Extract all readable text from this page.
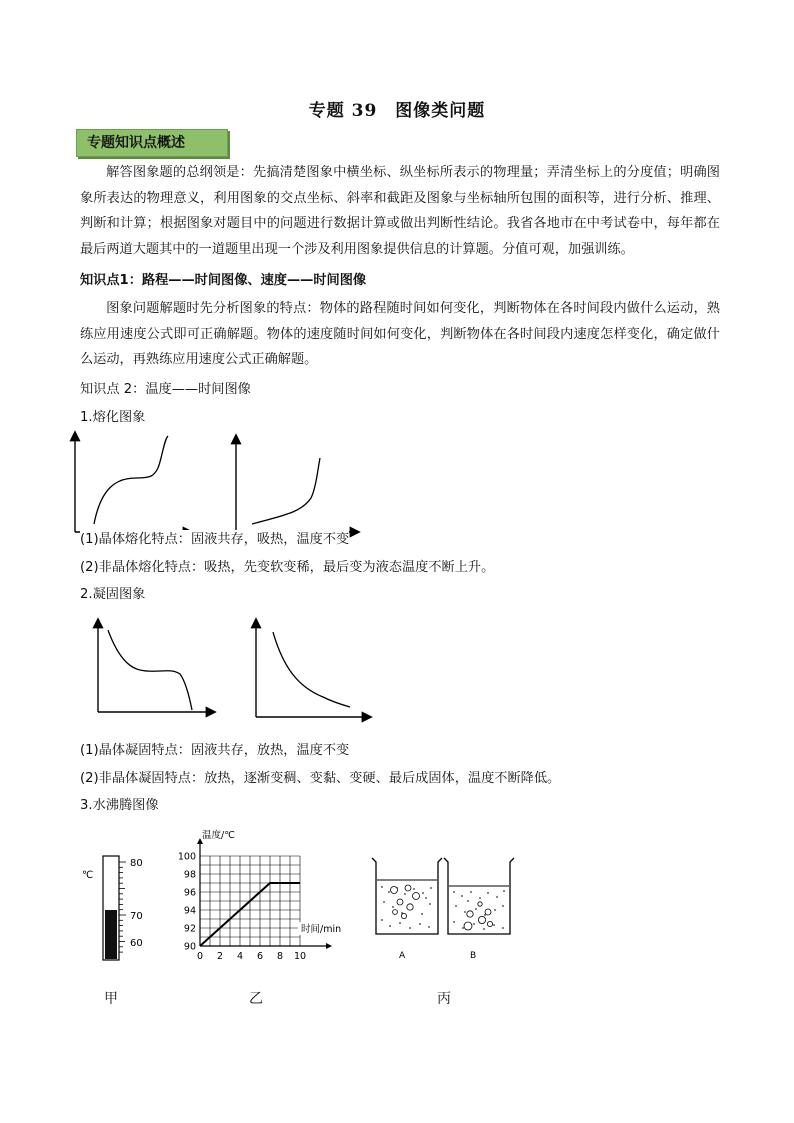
专题 39　图像类问题
专题知识点概述
解答图象题的总纲领是：先搞清楚图象中横坐标、纵坐标所表示的物理量；弄清坐标上的分度值；明确图象所表达的物理意义，利用图象的交点坐标、斜率和截距及图象与坐标轴所包围的面积等，进行分析、推理、判断和计算；根据图象对题目中的问题进行数据计算或做出判断性结论。我省各地市在中考试卷中，每年都在最后两道大题其中的一道题里出现一个涉及利用图象提供信息的计算题。分值可观，加强训练。
知识点1：路程——时间图像、速度——时间图像
图象问题解题时先分析图象的特点：物体的路程随时间如何变化，判断物体在各时间段内做什么运动，熟练应用速度公式即可正确解题。物体的速度随时间如何变化，判断物体在各时间段内速度怎样变化，确定做什么运动，再熟练应用速度公式正确解题。
知识点 2：温度——时间图像
1.熔化图象
(1)晶体熔化特点：固液共存，吸热，温度不变
(2)非晶体熔化特点：吸热，先变软变稀，最后变为液态温度不断上升。
2.凝固图象
(1)晶体凝固特点：固液共存，放热，温度不变
(2)非晶体凝固特点：放热，逐渐变稠、变黏、变硬、最后成固体，温度不断降低。
3.水沸腾图像
℃
80
70
60	90
92
94
96
98
100
0 2 4 6 8 10
温度/℃
时间/min
A	B
甲	乙	丙
